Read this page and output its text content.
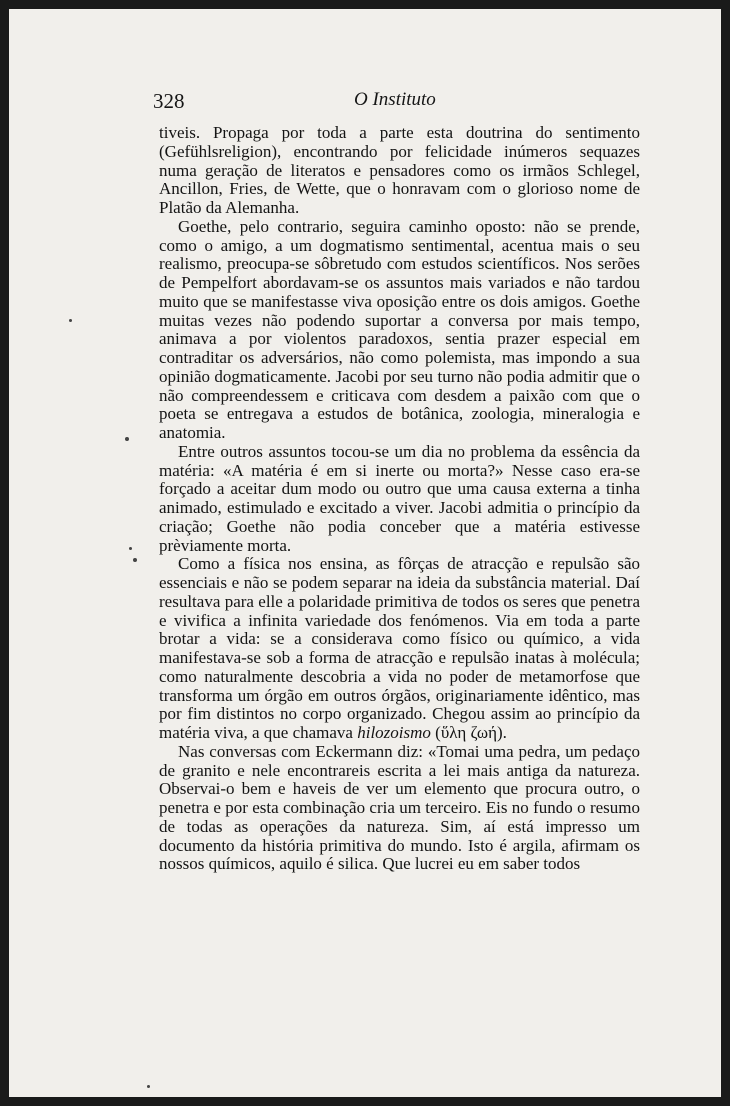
328	O Instituto

tiveis. Propaga por toda a parte esta doutrina do sentimento (Gefühlsreligion), encontrando por felicidade inúmeros sequazes numa geração de literatos e pensadores como os irmãos Schlegel, Ancillon, Fries, de Wette, que o honravam com o glorioso nome de Platão da Alemanha.

Goethe, pelo contrario, seguira caminho oposto: não se prende, como o amigo, a um dogmatismo sentimental, acentua mais o seu realismo, preocupa-se sôbretudo com estudos scientíficos. Nos serões de Pempelfort abordavam-se os assuntos mais variados e não tardou muito que se manifestasse viva oposição entre os dois amigos. Goethe muitas vezes não podendo suportar a conversa por mais tempo, animava a por violentos paradoxos, sentia prazer especial em contraditar os adversários, não como polemista, mas impondo a sua opinião dogmaticamente. Jacobi por seu turno não podia admitir que o não compreendessem e criticava com desdem a paixão com que o poeta se entregava a estudos de botânica, zoologia, mineralogia e anatomia.

Entre outros assuntos tocou-se um dia no problema da essência da matéria: «A matéria é em si inerte ou morta?» Nesse caso era-se forçado a aceitar dum modo ou outro que uma causa externa a tinha animado, estimulado e excitado a viver. Jacobi admitia o princípio da criação; Goethe não podia conceber que a matéria estivesse prèviamente morta.

Como a física nos ensina, as fôrças de atracção e repulsão são essenciais e não se podem separar na ideia da substância material. Daí resultava para elle a polaridade primitiva de todos os seres que penetra e vivifica a infinita variedade dos fenómenos. Via em toda a parte brotar a vida: se a considerava como físico ou químico, a vida manifestava-se sob a forma de atracção e repulsão inatas à molécula; como naturalmente descobria a vida no poder de metamorfose que transforma um órgão em outros órgãos, originariamente idêntico, mas por fim distintos no corpo organizado. Chegou assim ao princípio da matéria viva, a que chamava hilozoismo (ὕλη ζωή).

Nas conversas com Eckermann diz: «Tomai uma pedra, um pedaço de granito e nele encontrareis escrita a lei mais antiga da natureza. Observai-o bem e haveis de ver um elemento que procura outro, o penetra e por esta combinação cria um terceiro. Eis no fundo o resumo de todas as operações da natureza. Sim, aí está impresso um documento da história primitiva do mundo. Isto é argila, afirmam os nossos químicos, aquilo é silica. Que lucrei eu em saber todos
